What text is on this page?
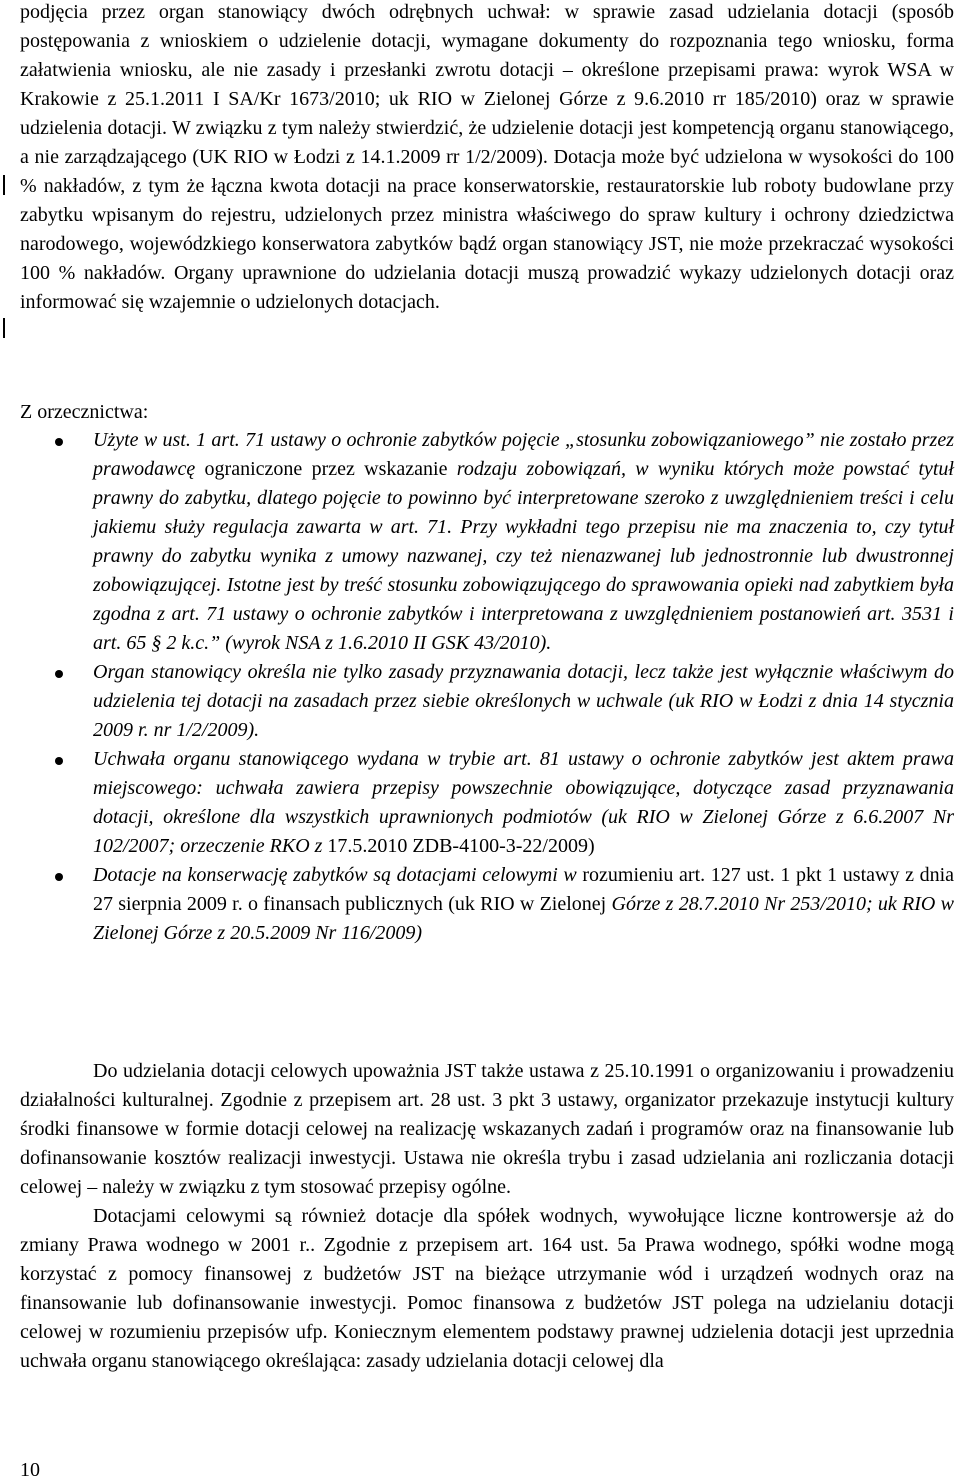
podjęcia przez organ stanowiący dwóch odrębnych uchwał: w sprawie zasad udzielania dotacji (sposób postępowania z wnioskiem o udzielenie dotacji, wymagane dokumenty do rozpoznania tego wniosku, forma załatwienia wniosku, ale nie zasady i przesłanki zwrotu dotacji – określone przepisami prawa: wyrok WSA w Krakowie z 25.1.2011 I SA/Kr 1673/2010; uk RIO w Zielonej Górze z 9.6.2010 rr 185/2010) oraz w sprawie udzielenia dotacji. W związku z tym należy stwierdzić, że udzielenie dotacji jest kompetencją organu stanowiącego, a nie zarządzającego (UK RIO w Łodzi z 14.1.2009 rr 1/2/2009). Dotacja może być udzielona w wysokości do 100 % nakładów, z tym że łączna kwota dotacji na prace konserwatorskie, restauratorskie lub roboty budowlane przy zabytku wpisanym do rejestru, udzielonych przez ministra właściwego do spraw kultury i ochrony dziedzictwa narodowego, wojewódzkiego konserwatora zabytków bądź organ stanowiący JST, nie może przekraczać wysokości 100 % nakładów. Organy uprawnione do udzielania dotacji muszą prowadzić wykazy udzielonych dotacji oraz informować się wzajemnie o udzielonych dotacjach.

Z orzecznictwa:

Użyte w ust. 1 art. 71 ustawy o ochronie zabytków pojęcie „stosunku zobowiązaniowego” nie zostało przez prawodawcę ograniczone przez wskazanie rodzaju zobowiązań, w wyniku których może powstać tytuł prawny do zabytku, dlatego pojęcie to powinno być interpretowane szeroko z uwzględnieniem treści i celu jakiemu służy regulacja zawarta w art. 71. Przy wykładni tego przepisu nie ma znaczenia to, czy tytuł prawny do zabytku wynika z umowy nazwanej, czy też nienazwanej lub jednostronnie lub dwustronnej zobowiązującej. Istotne jest by treść stosunku zobowiązującego do sprawowania opieki nad zabytkiem była zgodna z art. 71 ustawy o ochronie zabytków i interpretowana z uwzględnieniem postanowień art. 3531 i art. 65 § 2 k.c.” (wyrok NSA z 1.6.2010 II GSK 43/2010).
Organ stanowiący określa nie tylko zasady przyznawania dotacji, lecz także jest wyłącznie właściwym do udzielenia tej dotacji na zasadach przez siebie określonych w uchwale (uk RIO w Łodzi z dnia 14 stycznia 2009 r. nr 1/2/2009).
Uchwała organu stanowiącego wydana w trybie art. 81 ustawy o ochronie zabytków jest aktem prawa miejscowego: uchwała zawiera przepisy powszechnie obowiązujące, dotyczące zasad przyznawania dotacji, określone dla wszystkich uprawnionych podmiotów (uk RIO w Zielonej Górze z 6.6.2007 Nr 102/2007; orzeczenie RKO z 17.5.2010 ZDB-4100-3-22/2009)
Dotacje na konserwację zabytków są dotacjami celowymi w rozumieniu art. 127 ust. 1 pkt 1 ustawy z dnia 27 sierpnia 2009 r. o finansach publicznych (uk RIO w Zielonej Górze z 28.7.2010 Nr 253/2010; uk RIO w Zielonej Górze z 20.5.2009 Nr 116/2009)

Do udzielania dotacji celowych upoważnia JST także ustawa z 25.10.1991 o organizowaniu i prowadzeniu działalności kulturalnej. Zgodnie z przepisem art. 28 ust. 3 pkt 3 ustawy, organizator przekazuje instytucji kultury środki finansowe w formie dotacji celowej na realizację wskazanych zadań i programów oraz na finansowanie lub dofinansowanie kosztów realizacji inwestycji. Ustawa nie określa trybu i zasad udzielania ani rozliczania dotacji celowej – należy w związku z tym stosować przepisy ogólne.

Dotacjami celowymi są również dotacje dla spółek wodnych, wywołujące liczne kontrowersje aż do zmiany Prawa wodnego w 2001 r.. Zgodnie z przepisem art. 164 ust. 5a Prawa wodnego, spółki wodne mogą korzystać z pomocy finansowej z budżetów JST na bieżące utrzymanie wód i urządzeń wodnych oraz na finansowanie lub dofinansowanie inwestycji. Pomoc finansowa z budżetów JST polega na udzielaniu dotacji celowej w rozumieniu przepisów ufp. Koniecznym elementem podstawy prawnej udzielenia dotacji jest uprzednia uchwała organu stanowiącego określająca: zasady udzielania dotacji celowej dla

10
